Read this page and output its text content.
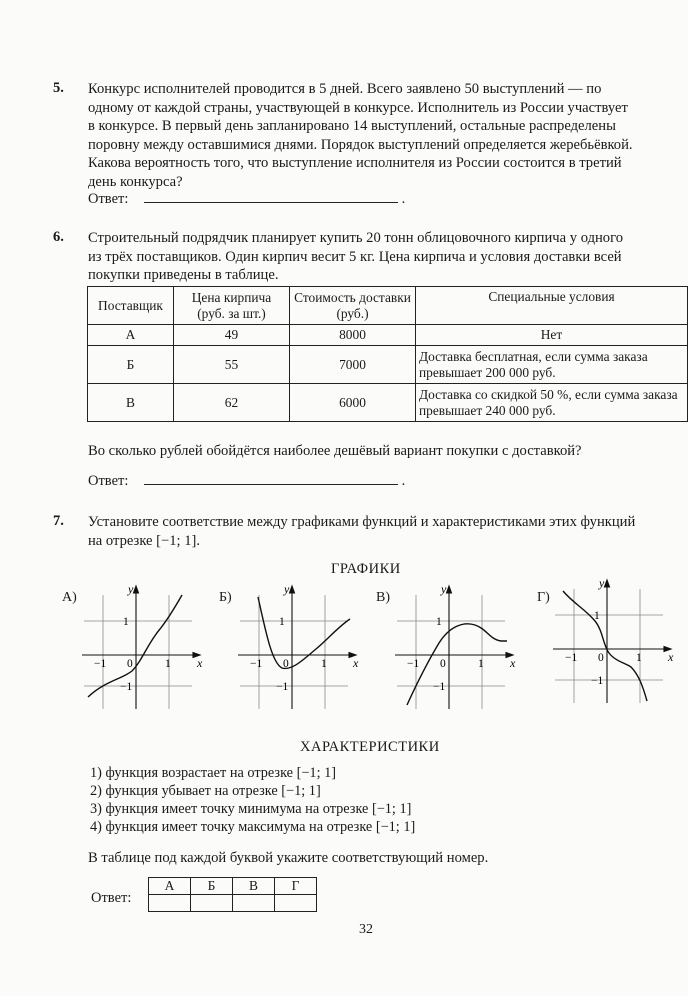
5. Конкурс исполнителей проводится в 5 дней. Всего заявлено 50 выступлений — по
одному от каждой страны, участвующей в конкурсе. Исполнитель из России участвует
в конкурсе. В первый день запланировано 14 выступлений, остальные распределены
поровну между оставшимися днями. Порядок выступлений определяется жеребьёвкой.
Какова вероятность того, что выступление исполнителя из России состоится в третий
день конкурса?
Ответ:	.
6. Строительный подрядчик планирует купить 20 тонн облицовочного кирпича у одного
из трёх поставщиков. Один кирпич весит 5 кг. Цена кирпича и условия доставки всей
покупки приведены в таблице.
Поставщик	Цена кирпича (руб. за шт.)	Стоимость доставки (руб.)	Специальные условия
А	49	8000	Нет
Б	55	7000	Доставка бесплатная, если сумма заказа превышает 200 000 руб.
В	62	6000	Доставка со скидкой 50 %, если сумма заказа превышает 240 000 руб.
Во сколько рублей обойдётся наиболее дешёвый вариант покупки с доставкой?
Ответ:	.
7. Установите соответствие между графиками функций и характеристиками этих функций
на отрезке [−1; 1].
ГРАФИКИ
А)	Б)	В)	Г)
y
x
1
−1
−1 0	1
y
x
1
−1
−1 0	1
y
x
1
−1
−1 0	1
y
x
1
−1
−1 0	1
ХАРАКТЕРИСТИКИ
1) функция возрастает на отрезке [−1; 1]
2) функция убывает на отрезке [−1; 1]
3) функция имеет точку минимума на отрезке [−1; 1]
4) функция имеет точку максимума на отрезке [−1; 1]
В таблице под каждой буквой укажите соответствующий номер.
Ответ:
А	Б	В	Г

32
